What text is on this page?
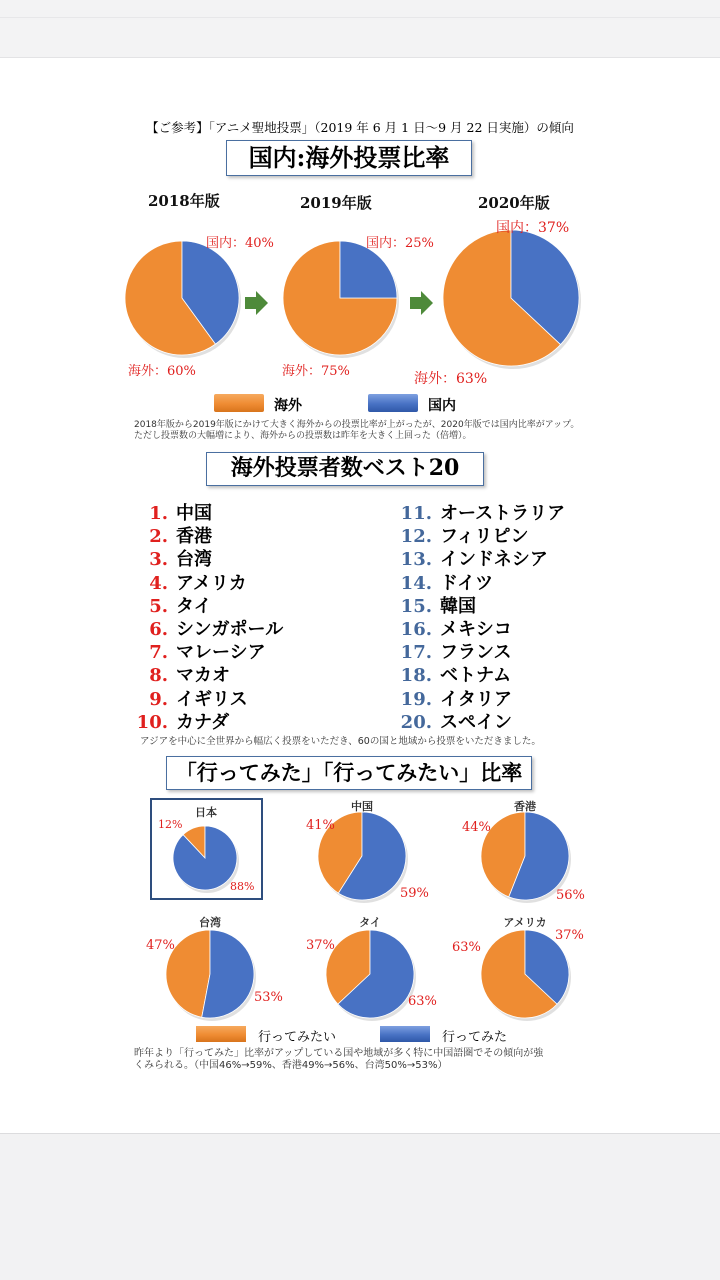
【ご参考】「アニメ聖地投票」（2019 年 6 月 1 日～9 月 22 日実施）の傾向
国内:海外投票比率
2018年版	2019年版	2020年版
国内：40%
海外：60%
国内：25%
海外：75%
国内：37%
海外：63%
海外	国内
2018年版から2019年版にかけて大きく海外からの投票比率が上がったが、2020年版では国内比率がアップ。ただし投票数の大幅増により、海外からの投票数は昨年を大きく上回った（倍増）。
海外投票者数ベスト20
1. 中国
2. 香港
3. 台湾
4. アメリカ
5. タイ
6. シンガポール
7. マレーシア
8. マカオ
9. イギリス
10. カナダ
11. オーストラリア
12. フィリピン
13. インドネシア
14. ドイツ
15. 韓国
16. メキシコ
17. フランス
18. ベトナム
19. イタリア
20. スペイン
アジアを中心に全世界から幅広く投票をいただき、60の国と地域から投票をいただきました。
「行ってみた」「行ってみたい」比率
日本
12%
88%
中国
41%
59%
香港
44%
56%
台湾
47%
53%
タイ
37%
63%
アメリカ
63%
37%
行ってみたい	行ってみた
昨年より「行ってみた」比率がアップしている国や地域が多く特に中国語圏でその傾向が強
くみられる。（中国46%→59%、香港49%→56%、台湾50%→53%）
